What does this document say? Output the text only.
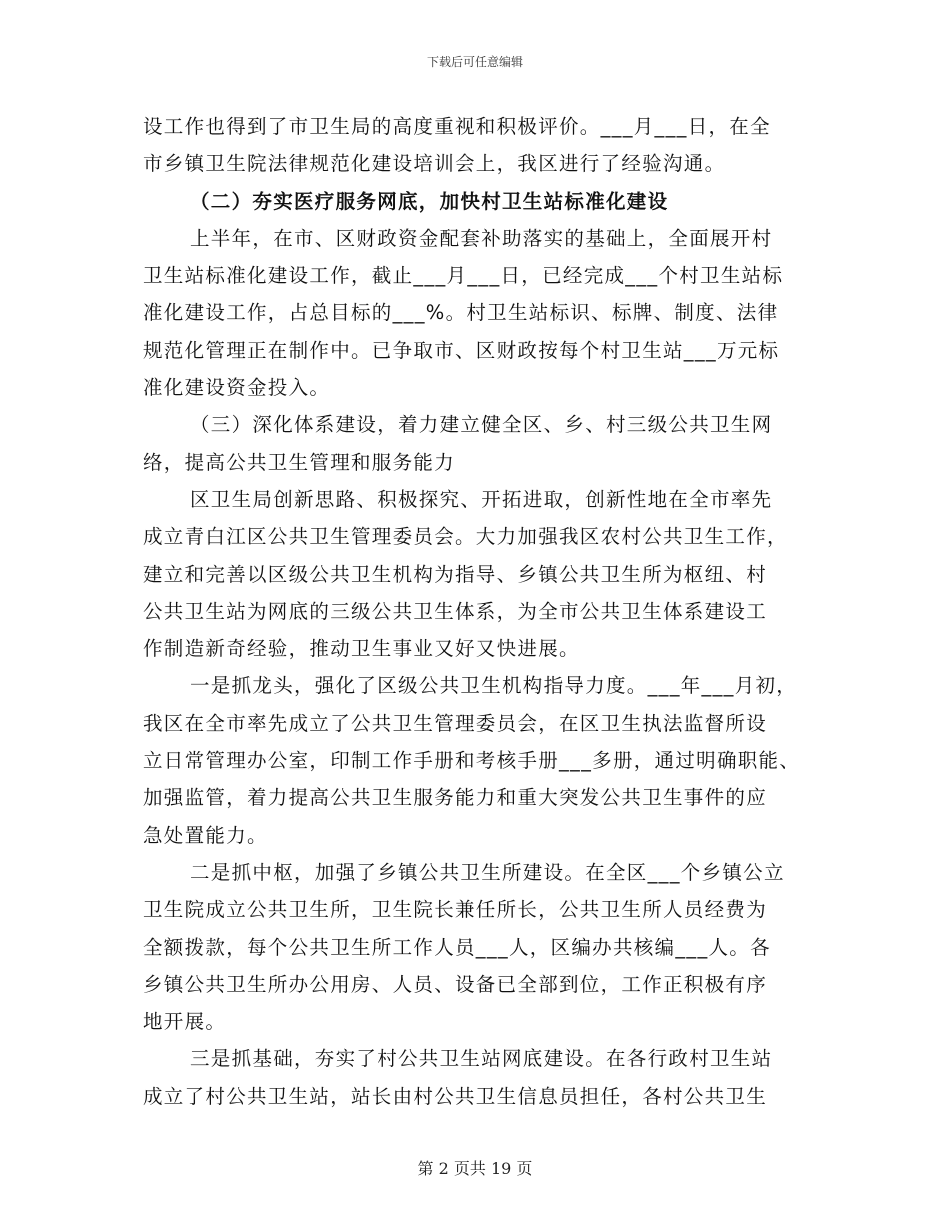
下载后可任意编辑
设工作也得到了市卫生局的高度重视和积极评价。___月___日，在全
市乡镇卫生院法律规范化建设培训会上，我区进行了经验沟通。
（二）夯实医疗服务网底，加快村卫生站标准化建设
上半年，在市、区财政资金配套补助落实的基础上，全面展开村
卫生站标准化建设工作，截止___月___日，已经完成___个村卫生站标
准化建设工作，占总目标的___%。村卫生站标识、标牌、制度、法律
规范化管理正在制作中。已争取市、区财政按每个村卫生站___万元标
准化建设资金投入。
（三）深化体系建设，着力建立健全区、乡、村三级公共卫生网
络，提高公共卫生管理和服务能力
区卫生局创新思路、积极探究、开拓进取，创新性地在全市率先
成立青白江区公共卫生管理委员会。大力加强我区农村公共卫生工作，
建立和完善以区级公共卫生机构为指导、乡镇公共卫生所为枢纽、村
公共卫生站为网底的三级公共卫生体系，为全市公共卫生体系建设工
作制造新奇经验，推动卫生事业又好又快进展。
一是抓龙头，强化了区级公共卫生机构指导力度。___年___月初，
我区在全市率先成立了公共卫生管理委员会，在区卫生执法监督所设
立日常管理办公室，印制工作手册和考核手册___多册，通过明确职能、
加强监管，着力提高公共卫生服务能力和重大突发公共卫生事件的应
急处置能力。
二是抓中枢，加强了乡镇公共卫生所建设。在全区___个乡镇公立
卫生院成立公共卫生所，卫生院长兼任所长，公共卫生所人员经费为
全额拨款，每个公共卫生所工作人员___人，区编办共核编___人。各
乡镇公共卫生所办公用房、人员、设备已全部到位，工作正积极有序
地开展。
三是抓基础，夯实了村公共卫生站网底建设。在各行政村卫生站
成立了村公共卫生站，站长由村公共卫生信息员担任，各村公共卫生
第 2 页共 19 页
